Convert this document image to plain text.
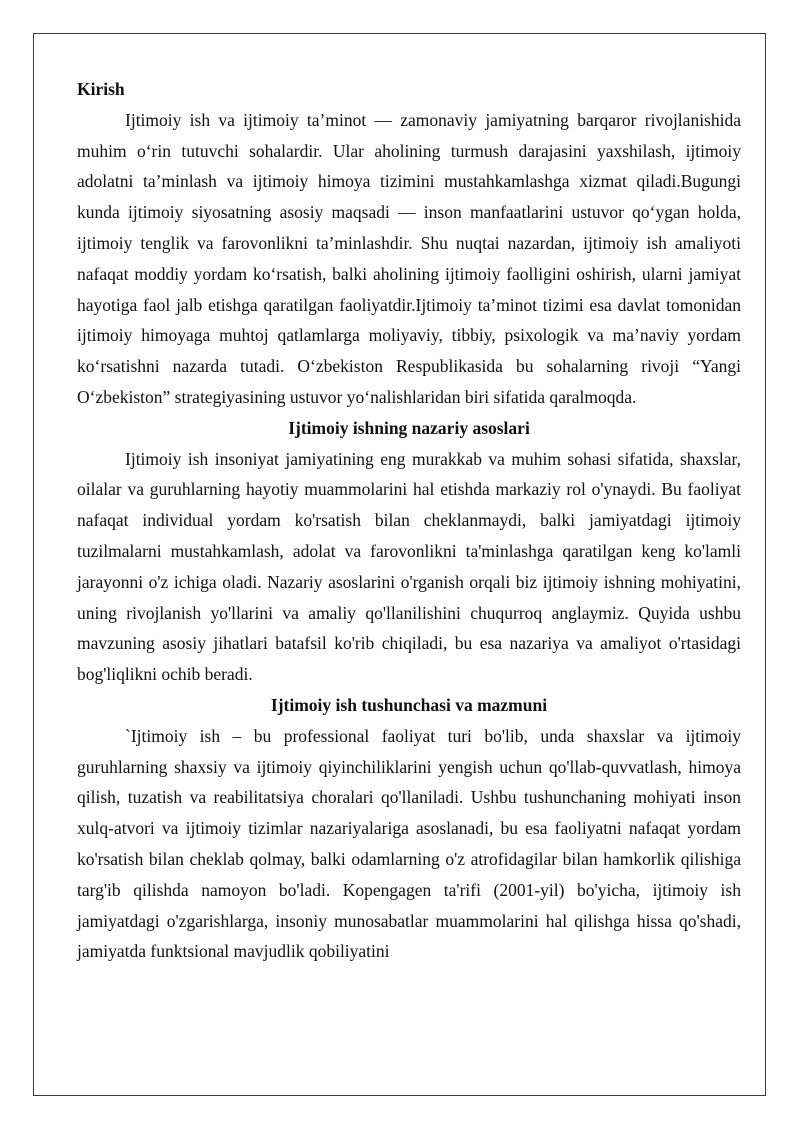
Kirish

Ijtimoiy ish va ijtimoiy ta’minot — zamonaviy jamiyatning barqaror rivojlanishida muhim o‘rin tutuvchi sohalardir. Ular aholining turmush darajasini yaxshilash, ijtimoiy adolatni ta’minlash va ijtimoiy himoya tizimini mustahkamlashga xizmat qiladi.Bugungi kunda ijtimoiy siyosatning asosiy maqsadi — inson manfaatlarini ustuvor qo‘ygan holda, ijtimoiy tenglik va farovonlikni ta’minlashdir. Shu nuqtai nazardan, ijtimoiy ish amaliyoti nafaqat moddiy yordam ko‘rsatish, balki aholining ijtimoiy faolligini oshirish, ularni jamiyat hayotiga faol jalb etishga qaratilgan faoliyatdir.Ijtimoiy ta’minot tizimi esa davlat tomonidan ijtimoiy himoyaga muhtoj qatlamlarga moliyaviy, tibbiy, psixologik va ma’naviy yordam ko‘rsatishni nazarda tutadi. O‘zbekiston Respublikasida bu sohalarning rivoji “Yangi O‘zbekiston” strategiyasining ustuvor yo‘nalishlaridan biri sifatida qaralmoqda.

Ijtimoiy ishning nazariy asoslari

Ijtimoiy ish insoniyat jamiyatining eng murakkab va muhim sohasi sifatida, shaxslar, oilalar va guruhlarning hayotiy muammolarini hal etishda markaziy rol o'ynaydi. Bu faoliyat nafaqat individual yordam ko'rsatish bilan cheklanmaydi, balki jamiyatdagi ijtimoiy tuzilmalarni mustahkamlash, adolat va farovonlikni ta'minlashga qaratilgan keng ko'lamli jarayonni o'z ichiga oladi. Nazariy asoslarini o'rganish orqali biz ijtimoiy ishning mohiyatini, uning rivojlanish yo'llarini va amaliy qo'llanilishini chuqurroq anglaymiz. Quyida ushbu mavzuning asosiy jihatlari batafsil ko'rib chiqiladi, bu esa nazariya va amaliyot o'rtasidagi bog'liqlikni ochib beradi.

Ijtimoiy ish tushunchasi va mazmuni

`Ijtimoiy ish – bu professional faoliyat turi bo'lib, unda shaxslar va ijtimoiy guruhlarning shaxsiy va ijtimoiy qiyinchiliklarini yengish uchun qo'llab-quvvatlash, himoya qilish, tuzatish va reabilitatsiya choralari qo'llaniladi. Ushbu tushunchaning mohiyati inson xulq-atvori va ijtimoiy tizimlar nazariyalariga asoslanadi, bu esa faoliyatni nafaqat yordam ko'rsatish bilan cheklab qolmay, balki odamlarning o'z atrofidagilar bilan hamkorlik qilishiga targ'ib qilishda namoyon bo'ladi. Kopengagen ta'rifi (2001-yil) bo'yicha, ijtimoiy ish jamiyatdagi o'zgarishlarga, insoniy munosabatlar muammolarini hal qilishga hissa qo'shadi, jamiyatda funktsional mavjudlik qobiliyatini
